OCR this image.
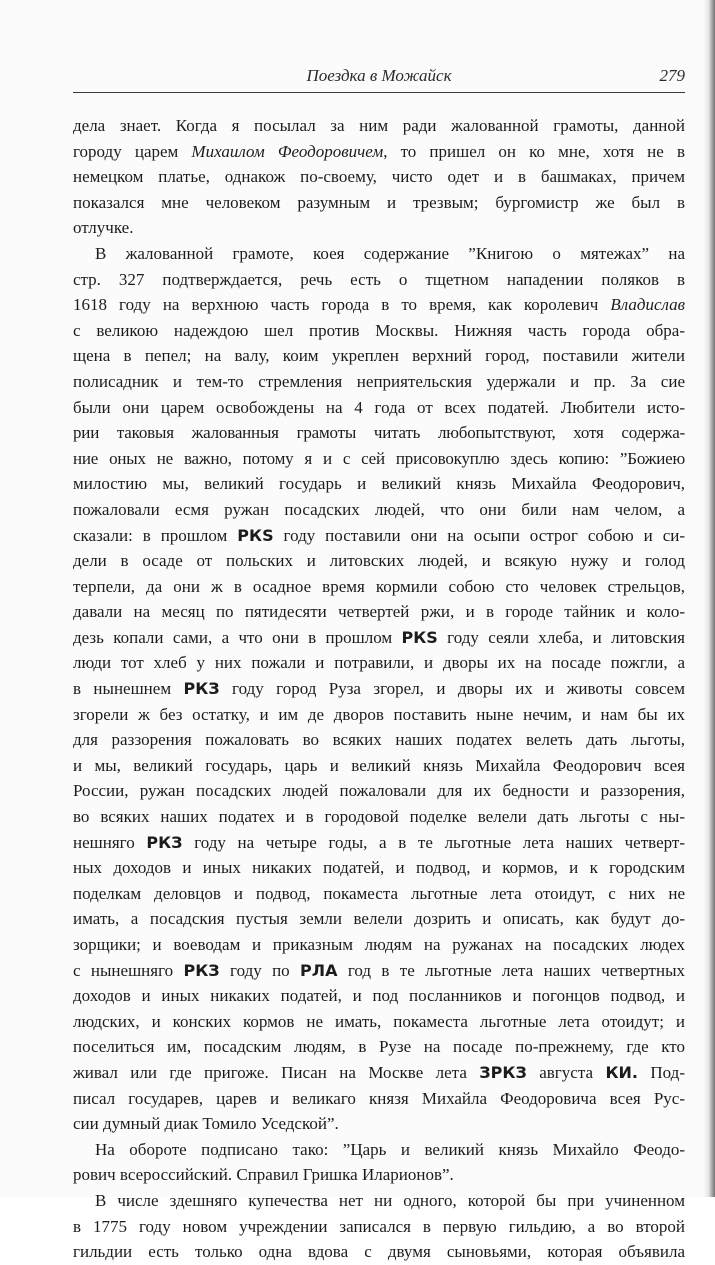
Поездка в Можайск	279
дела знает. Когда я посылал за ним ради жалованной грамоты, данной
городу царем Михаилом Феодоровичем, то пришел он ко мне, хотя не в
немецком платье, однакож по-своему, чисто одет и в башмаках, причем
показался мне человеком разумным и трезвым; бургомистр же был в
отлучке.
В жалованной грамоте, коея содержание ”Книгою о мятежах” на
стр. 327 подтверждается, речь есть о тщетном нападении поляков в
1618 году на верхнюю часть города в то время, как королевич Владислав
с великою надеждою шел против Москвы. Нижняя часть города обра-
щена в пепел; на валу, коим укреплен верхний город, поставили жители
полисадник и тем-то стремления неприятельския удержали и пр. За сие
были они царем освобождены на 4 года от всех податей. Любители исто-
рии таковыя жалованныя грамоты читать любопытствуют, хотя содержа-
ние оных не важно, потому я и с сей присовокуплю здесь копию: ”Божиею
милостию мы, великий государь и великий князь Михайла Феодорович,
пожаловали есмя ружан посадских людей, что они били нам челом, а
сказали: в прошлом РКЅ году поставили они на осыпи острог собою и си-
дели в осаде от польских и литовских людей, и всякую нужу и голод
терпели, да они ж в осадное время кормили собою сто человек стрельцов,
давали на месяц по пятидесяти четвертей ржи, и в городе тайник и коло-
дезь копали сами, а что они в прошлом РКЅ году сеяли хлеба, и литовския
люди тот хлеб у них пожали и потравили, и дворы их на посаде пожгли, а
в нынешнем РКЗ году город Руза згорел, и дворы их и животы совсем
згорели ж без остатку, и им де дворов поставить ныне нечим, и нам бы их
для раззорения пожаловать во всяких наших податех велеть дать льготы,
и мы, великий государь, царь и великий князь Михайла Феодорович всея
России, ружан посадских людей пожаловали для их бедности и раззорения,
во всяких наших податех и в городовой поделке велели дать льготы с ны-
нешняго РКЗ году на четыре годы, а в те льготные лета наших четверт-
ных доходов и иных никаких податей, и подвод, и кормов, и к городским
поделкам деловцов и подвод, покаместа льготные лета отоидут, с них не
имать, а посадския пустыя земли велели дозрить и описать, как будут до-
зорщики; и воеводам и приказным людям на ружанах на посадских людех
с нынешняго РКЗ году по РЛА год в те льготные лета наших четвертных
доходов и иных никаких податей, и под посланников и погонцов подвод, и
людских, и конских кормов не имать, покаместа льготные лета отоидут; и
поселиться им, посадским людям, в Рузе на посаде по-прежнему, где кто
живал или где пригоже. Писан на Москве лета ЗРКЗ августа КИ. Под-
писал государев, царев и великаго князя Михайла Феодоровича всея Рус-
сии думный диак Томило Уседской”.
На обороте подписано тако: ”Царь и великий князь Михайло Феодо-
рович всероссийский. Справил Гришка Иларионов”.
В числе здешняго купечества нет ни одного, которой бы при учиненном
в 1775 году новом учреждении записался в первую гильдию, а во второй
гильдии есть только одна вдова с двумя сыновьями, которая объявила
